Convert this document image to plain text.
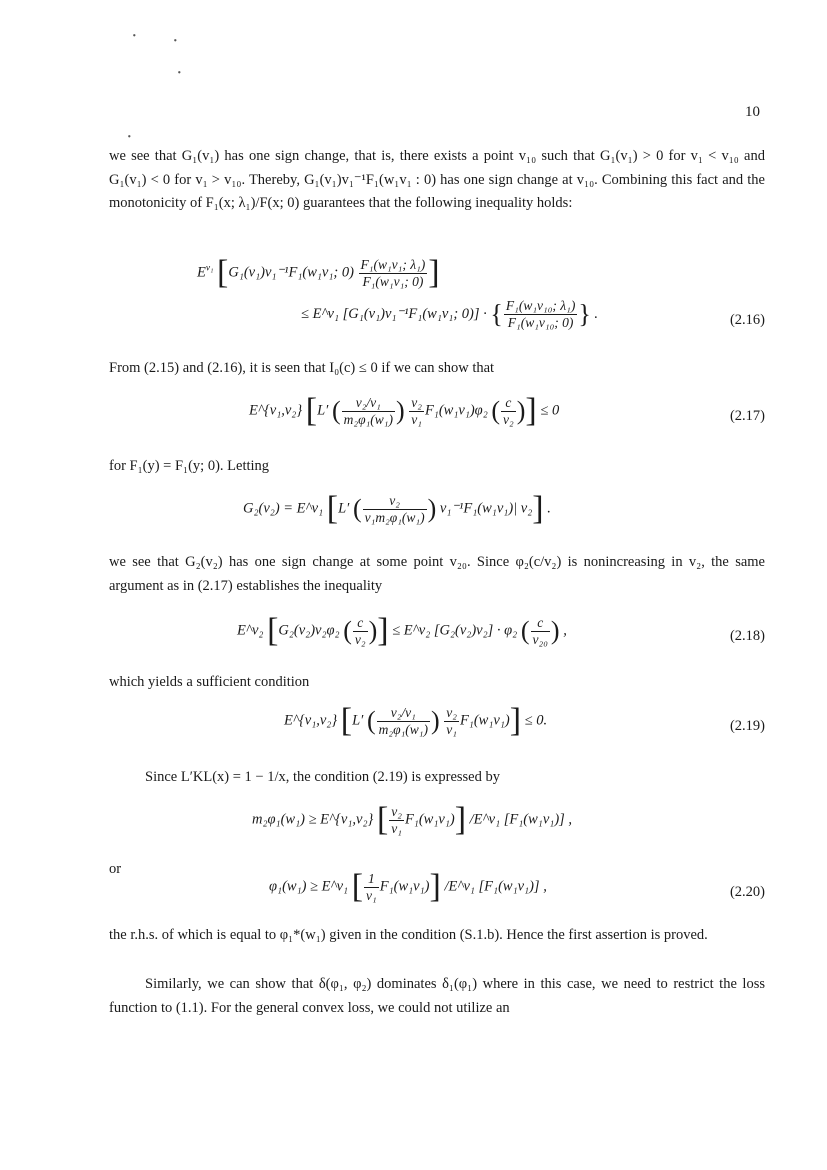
●
●
●
●
10

we see that G₁(v₁) has one sign change, that is, there exists a point v₁₀ such that G₁(v₁) > 0 for v₁ < v₁₀ and G₁(v₁) < 0 for v₁ > v₁₀. Thereby, G₁(v₁)v₁⁻¹F₁(w₁v₁ : 0) has one sign change at v₁₀. Combining this fact and the monotonicity of F₁(x; λ₁)/F(x; 0) guarantees that the following inequality holds:

$E^{v_1}$ [G₁(v₁)v₁⁻¹F₁(w₁v₁; $0) \frac{\text{F₁(w₁v₁; λ₁)}}{\text{F₁(w₁v₁; 0)}}$ ]
≤ E^v₁ [G₁(v₁)v₁⁻¹F₁(w₁v₁; 0)] · { $\frac{\text{F₁(w₁v₁₀; λ₁)}}{\text{F₁(w₁v₁₀; 0)}}$ } .	(2.16)

From (2.15) and (2.16), it is seen that I₀(c) ≤ 0 if we can show that

E^{v₁,v₂} [L′ ( $\frac{\text{v₂/v₁}}{\text{m₂φ₁(w₁)}}$ ) $\frac{\text{v₂}}{\text{v₁}} F_1(w_1v_1)\varphi_2$ ( $\frac{c}{\text{v₂}}$ )] ≤ 0	(2.17)

for F₁(y) = F₁(y; 0). Letting

G₂(v₂) = E^v₁ [L′ ( $\frac{\text{v₂}}{\text{v₁m₂φ₁(w₁)}}$ ) v₁⁻¹F₁(w₁v₁)| v₂] .

we see that G₂(v₂) has one sign change at some point v₂₀. Since φ₂(c/v₂) is nonincreasing in v₂, the same argument as in (2.17) establishes the inequality

E^v₂ [G₂(v₂)v₂φ₂ ( $\frac{c}{\text{v₂}}$ )] ≤ E^v₂ [G₂(v₂)v₂] · φ₂ ( $\frac{c}{\text{v₂₀}}$ ) ,	(2.18)

which yields a sufficient condition

E^{v₁,v₂} [L′ ( $\frac{\text{v₂/v₁}}{\text{m₂φ₁(w₁)}}$ ) $\frac{\text{v₂}}{\text{v₁}} F_1(w_1v_1)] \le 0$.	(2.19)

Since L′KL(x) = 1 − 1/x, the condition (2.19) is expressed by

m₂φ₁(w₁) ≥ E^{v₁,v₂} [ $\frac{\text{v₂}}{\text{v₁}} F_1(w_1v_1)$] /E^v₁ [F₁(w₁v₁)] ,

or

φ₁(w₁) ≥ E^v₁ [ $\frac{1}{\text{v₁}} F_1(w_1v_1)$] /E^v₁ [F₁(w₁v₁)] ,	(2.20)

the r.h.s. of which is equal to φ₁*(w₁) given in the condition (S.1.b). Hence the first assertion is proved.

Similarly, we can show that δ(φ₁, φ₂) dominates δ₁(φ₁) where in this case, we need to restrict the loss function to (1.1). For the general convex loss, we could not utilize an
